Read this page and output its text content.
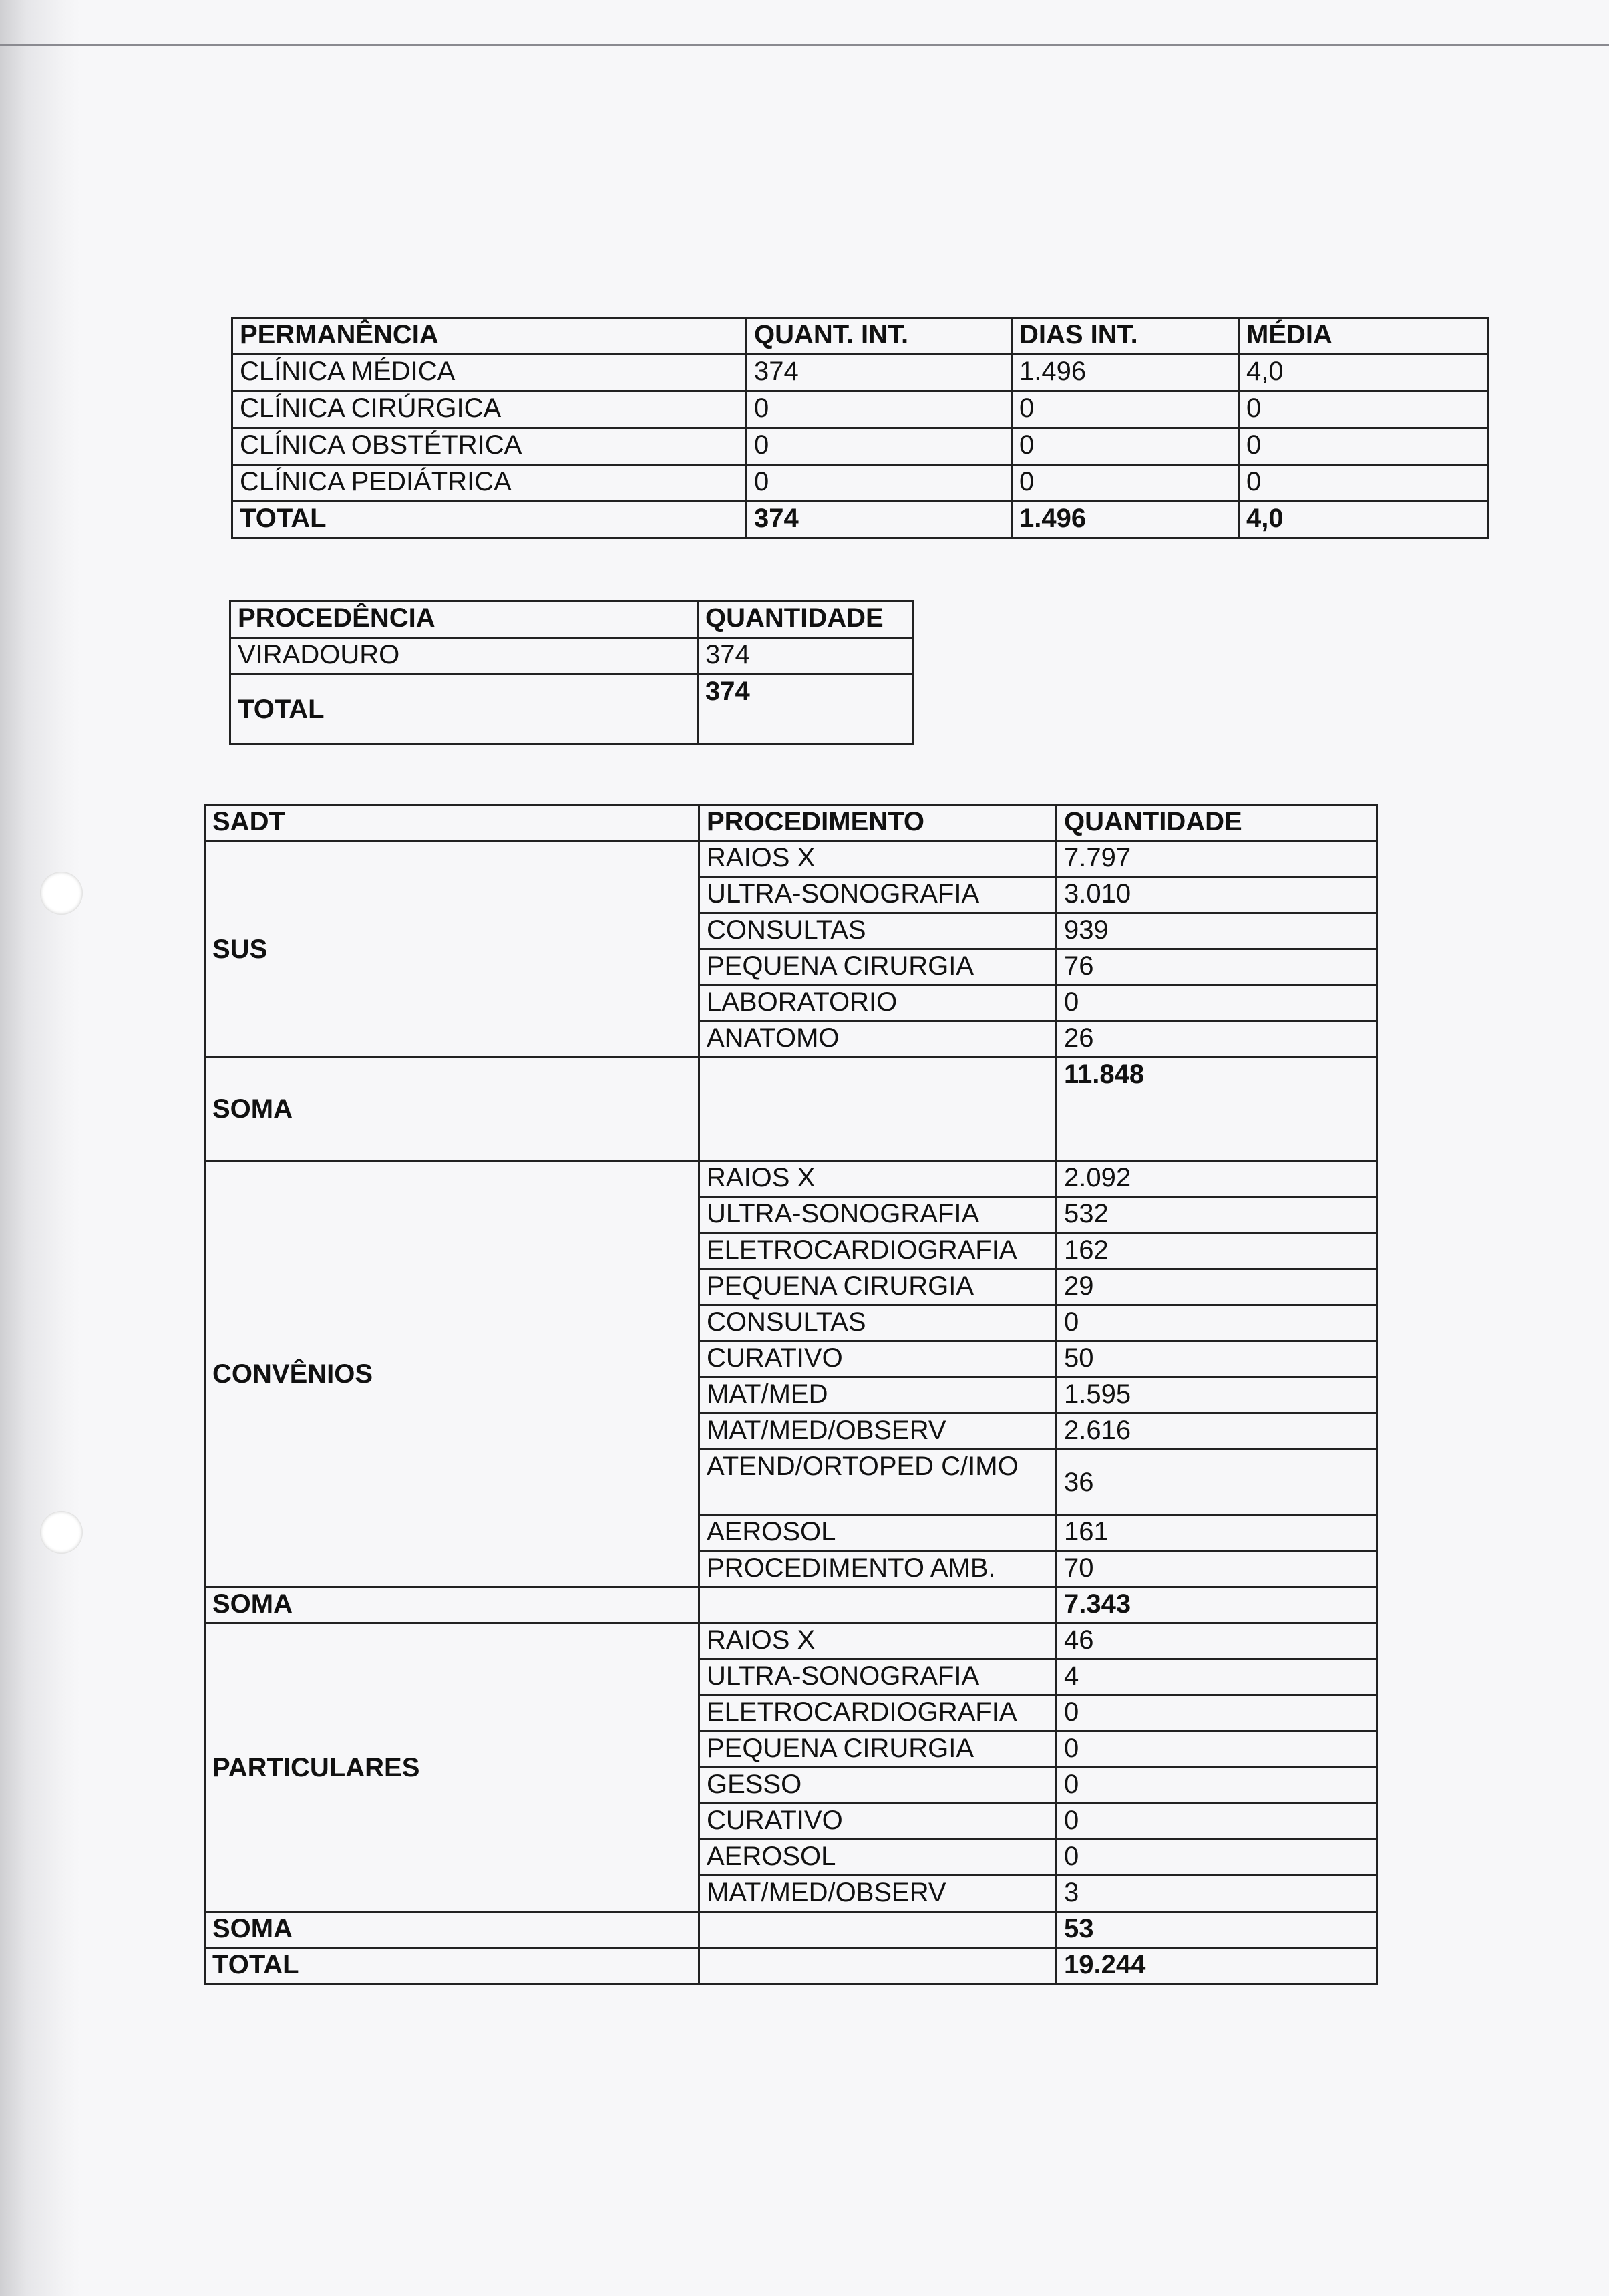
PERMANÊNCIA	QUANT. INT.	DIAS INT.	MÉDIA
CLÍNICA MÉDICA	374	1.496	4,0
CLÍNICA CIRÚRGICA	0	0	0
CLÍNICA OBSTÉTRICA	0	0	0
CLÍNICA PEDIÁTRICA	0	0	0
TOTAL	374	1.496	4,0
PROCEDÊNCIA	QUANTIDADE
VIRADOURO	374
TOTAL	374
SADT	PROCEDIMENTO	QUANTIDADE
SUS	RAIOS X	7.797
	ULTRA-SONOGRAFIA	3.010
	CONSULTAS	939
	PEQUENA CIRURGIA	76
	LABORATORIO	0
	ANATOMO	26
SOMA		11.848
CONVÊNIOS	RAIOS X	2.092
	ULTRA-SONOGRAFIA	532
	ELETROCARDIOGRAFIA	162
	PEQUENA CIRURGIA	29
	CONSULTAS	0
	CURATIVO	50
	MAT/MED	1.595
	MAT/MED/OBSERV	2.616
	ATEND/ORTOPED C/IMO	36
	AEROSOL	161
	PROCEDIMENTO AMB.	70
SOMA		7.343
PARTICULARES	RAIOS X	46
	ULTRA-SONOGRAFIA	4
	ELETROCARDIOGRAFIA	0
	PEQUENA CIRURGIA	0
	GESSO	0
	CURATIVO	0
	AEROSOL	0
	MAT/MED/OBSERV	3
SOMA		53
TOTAL		19.244
